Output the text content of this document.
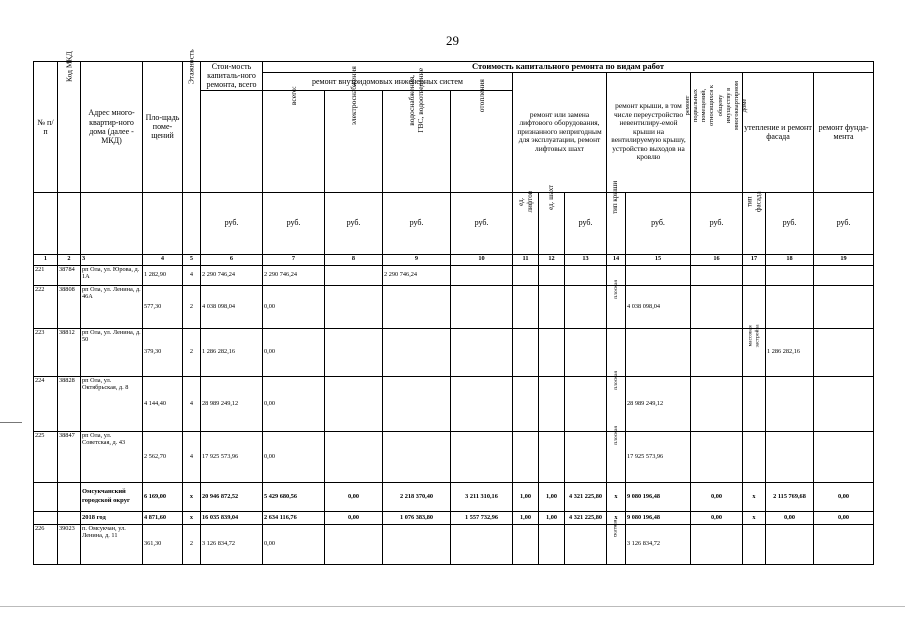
29
№ п/ п	Код МКД	Адрес много-квартир-ного дома (далее - МКД)	Пло-щадь поме-щений	Этажность	Стои-мость капиталь-ного ремонта, всего	Стоимость капитального ремонта по видам работ												
						ремонт внутридомовых инженерных систем				ремонт или замена лифтового оборудования, признанного непригодным для эксплуатации, ремонт лифтовых шахт			ремонт крыши, в том числе переустройство невентилиру-емой крыши на вентилируемую крышу, устройство выходов на кровлю		ремонт подвальных помещений, относящихся к общему имуществу в многоквартирном доме	утепление и ремонт фасада		ремонт фунда-мента

						всего:	электроснабжения	водоснабжения, ГВС, водоотведение	отопления									

					руб.	руб.	руб.	руб.	руб.	ед. лифтов	ед. шахт	руб.	тип крыши	руб.	руб.	тип фасада	руб.	руб.
1	2	3	4	5	6	7	8	9	10	11	12	13	14	15	16	17	18	19
221	38784	рп Ола, ул. Юрова, д. 1А	1 282,90	4	2 290 746,24	2 290 746,24		2 290 746,24										
222	38808	рп Ола, ул. Ленина, д. 46А	577,30	2	4 038 098,04	0,00							плоская	4 038 098,04				
223	38812	рп Ола, ул. Ленина, д. 50	379,30	2	1 286 282,16	0,00										массовая застройка	1 286 282,16	
224	38828	рп Ола, ул. Октябрьская, д. 8	4 144,40	4	28 989 249,12	0,00							плоская	28 989 249,12				
225	38847	рп Ола, ул. Советская, д. 43	2 562,70	4	17 925 573,96	0,00							плоская	17 925 573,96				
		Омсукчанский городской округ	6 169,00	х	20 946 872,52	5 429 680,56	0,00	2 218 370,40	3 211 310,16	1,00	1,00	4 321 225,80	х	9 080 196,48	0,00	х	2 115 769,68	0,00
		2018 год	4 871,60	х	16 035 839,04	2 634 116,76	0,00	1 076 383,80	1 557 732,96	1,00	1,00	4 321 225,80	х	9 080 196,48	0,00	х	0,00	0,00
226	39023	п. Омсукчан, ул. Ленина, д. 11	361,30	2	3 126 834,72	0,00							скатная	3 126 834,72				
